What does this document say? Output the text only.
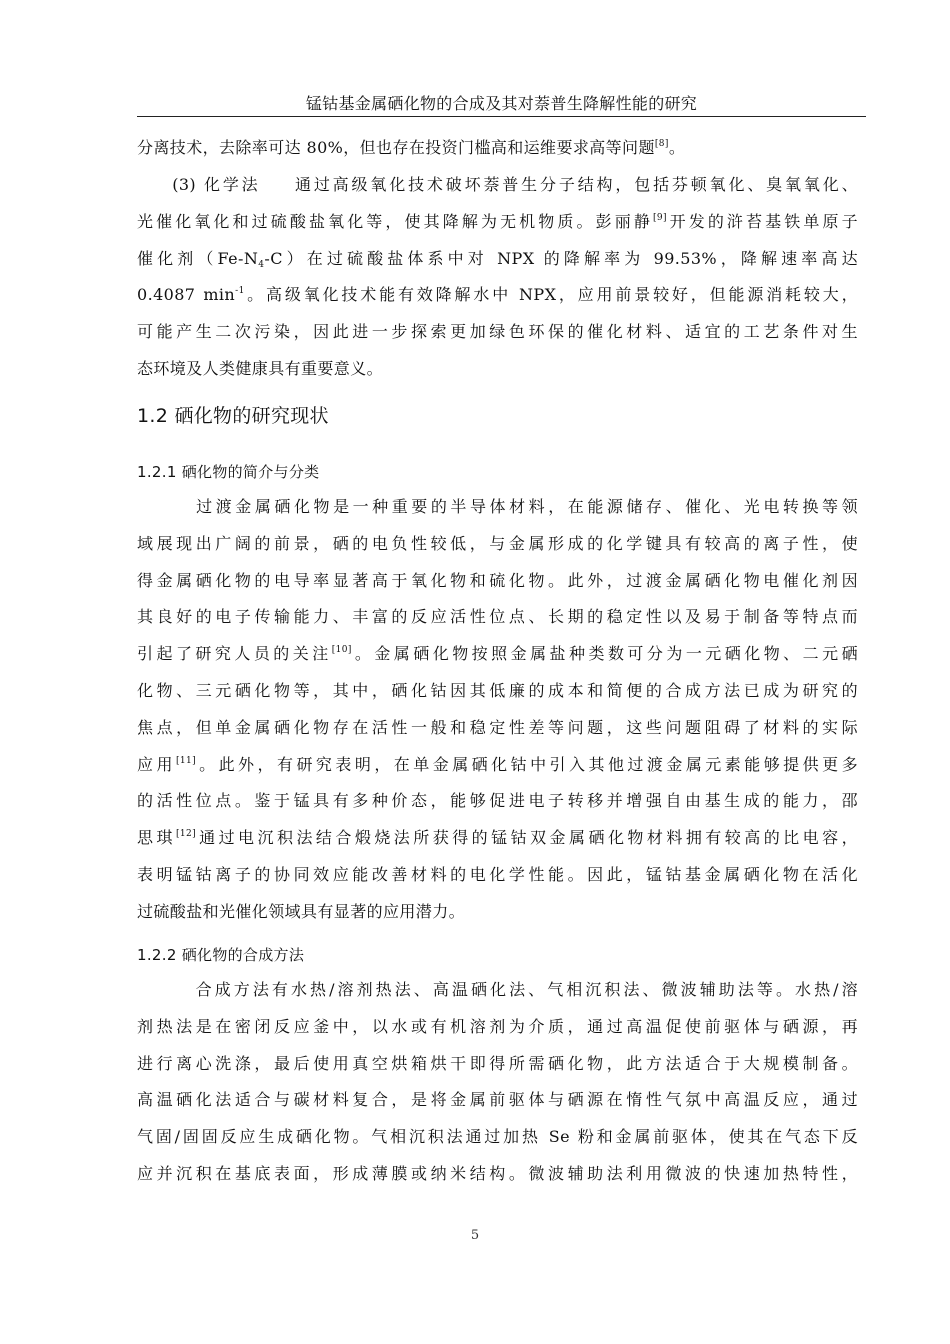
锰钴基金属硒化物的合成及其对萘普生降解性能的研究
分离技术，去除率可达 80%，但也存在投资门槛高和运维要求高等问题[8]。
(3) 化学法 通过高级氧化技术破坏萘普生分子结构，包括芬顿氧化、臭氧氧化、
光催化氧化和过硫酸盐氧化等，使其降解为无机物质。彭丽静[9]开发的浒苔基铁单原子
催化剂$(Fe-N_4-C)$在过硫酸盐体系中对 NPX 的降解率为 99.53%，降解速率高达
0.4087 $\min^{-1}$。高级氧化技术能有效降解水中 NPX，应用前景较好，但能源消耗较大，
可能产生二次污染，因此进一步探索更加绿色环保的催化材料、适宜的工艺条件对生
态环境及人类健康具有重要意义。
1.2 硒化物的研究现状
1.2.1 硒化物的简介与分类
过渡金属硒化物是一种重要的半导体材料，在能源储存、催化、光电转换等领
域展现出广阔的前景，硒的电负性较低，与金属形成的化学键具有较高的离子性，使
得金属硒化物的电导率显著高于氧化物和硫化物。此外，过渡金属硒化物电催化剂因
其良好的电子传输能力、丰富的反应活性位点、长期的稳定性以及易于制备等特点而
引起了研究人员的关注[10]。金属硒化物按照金属盐种类数可分为一元硒化物、二元硒
化物、三元硒化物等，其中，硒化钴因其低廉的成本和简便的合成方法已成为研究的
焦点，但单金属硒化物存在活性一般和稳定性差等问题，这些问题阻碍了材料的实际
应用[11]。此外，有研究表明，在单金属硒化钴中引入其他过渡金属元素能够提供更多
的活性位点。鉴于锰具有多种价态，能够促进电子转移并增强自由基生成的能力，邵
思琪[12]通过电沉积法结合煅烧法所获得的锰钴双金属硒化物材料拥有较高的比电容，
表明锰钴离子的协同效应能改善材料的电化学性能。因此，锰钴基金属硒化物在活化
过硫酸盐和光催化领域具有显著的应用潜力。
1.2.2 硒化物的合成方法
合成方法有水热/溶剂热法、高温硒化法、气相沉积法、微波辅助法等。水热/溶
剂热法是在密闭反应釜中，以水或有机溶剂为介质，通过高温促使前驱体与硒源，再
进行离心洗涤，最后使用真空烘箱烘干即得所需硒化物，此方法适合于大规模制备。
高温硒化法适合与碳材料复合，是将金属前驱体与硒源在惰性气氛中高温反应，通过
气固/固固反应生成硒化物。气相沉积法通过加热 Se 粉和金属前驱体，使其在气态下反
应并沉积在基底表面，形成薄膜或纳米结构。微波辅助法利用微波的快速加热特性，
5
